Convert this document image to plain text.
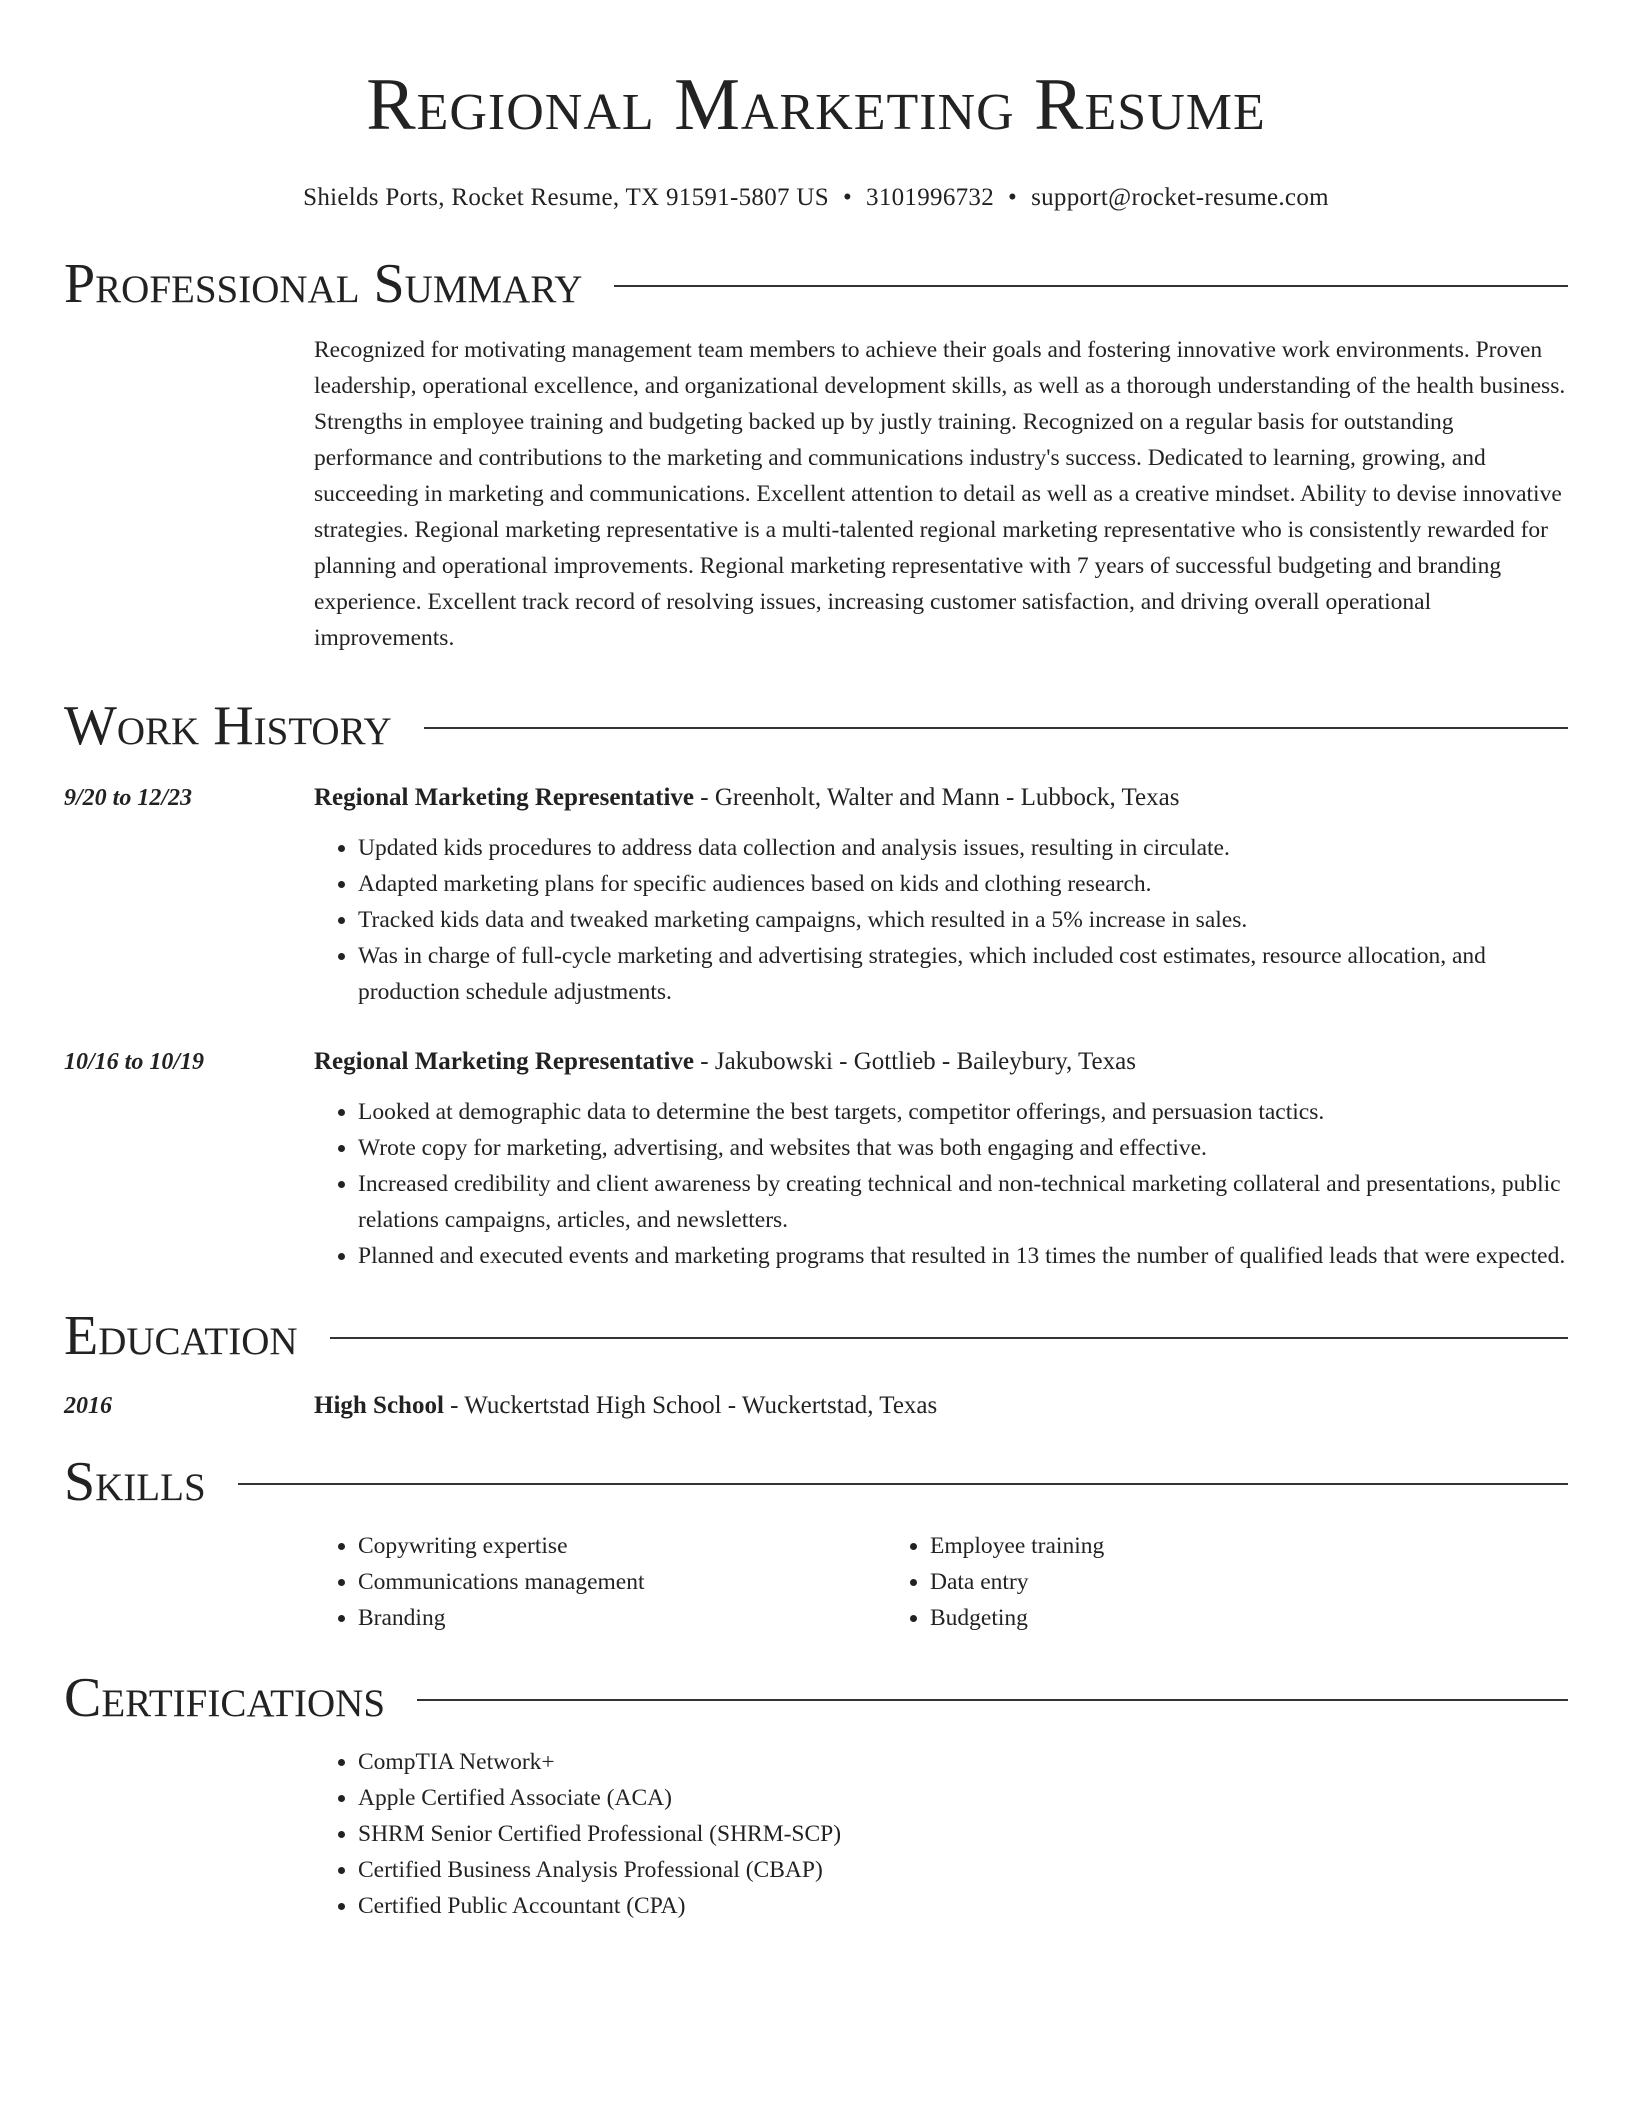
Regional Marketing Resume
Shields Ports, Rocket Resume, TX 91591-5807 US • 3101996732 • support@rocket-resume.com
Professional Summary
Recognized for motivating management team members to achieve their goals and fostering innovative work environments. Proven leadership, operational excellence, and organizational development skills, as well as a thorough understanding of the health business. Strengths in employee training and budgeting backed up by justly training. Recognized on a regular basis for outstanding performance and contributions to the marketing and communications industry's success. Dedicated to learning, growing, and succeeding in marketing and communications. Excellent attention to detail as well as a creative mindset. Ability to devise innovative strategies. Regional marketing representative is a multi-talented regional marketing representative who is consistently rewarded for planning and operational improvements. Regional marketing representative with 7 years of successful budgeting and branding experience. Excellent track record of resolving issues, increasing customer satisfaction, and driving overall operational improvements.
Work History
9/20 to 12/23	Regional Marketing Representative - Greenholt, Walter and Mann - Lubbock, Texas
• Updated kids procedures to address data collection and analysis issues, resulting in circulate.
• Adapted marketing plans for specific audiences based on kids and clothing research.
• Tracked kids data and tweaked marketing campaigns, which resulted in a 5% increase in sales.
• Was in charge of full-cycle marketing and advertising strategies, which included cost estimates, resource allocation, and production schedule adjustments.
10/16 to 10/19	Regional Marketing Representative - Jakubowski - Gottlieb - Baileybury, Texas
• Looked at demographic data to determine the best targets, competitor offerings, and persuasion tactics.
• Wrote copy for marketing, advertising, and websites that was both engaging and effective.
• Increased credibility and client awareness by creating technical and non-technical marketing collateral and presentations, public relations campaigns, articles, and newsletters.
• Planned and executed events and marketing programs that resulted in 13 times the number of qualified leads that were expected.
Education
2016	High School - Wuckertstad High School - Wuckertstad, Texas
Skills
• Copywriting expertise
• Communications management
• Branding
• Employee training
• Data entry
• Budgeting
Certifications
• CompTIA Network+
• Apple Certified Associate (ACA)
• SHRM Senior Certified Professional (SHRM-SCP)
• Certified Business Analysis Professional (CBAP)
• Certified Public Accountant (CPA)
